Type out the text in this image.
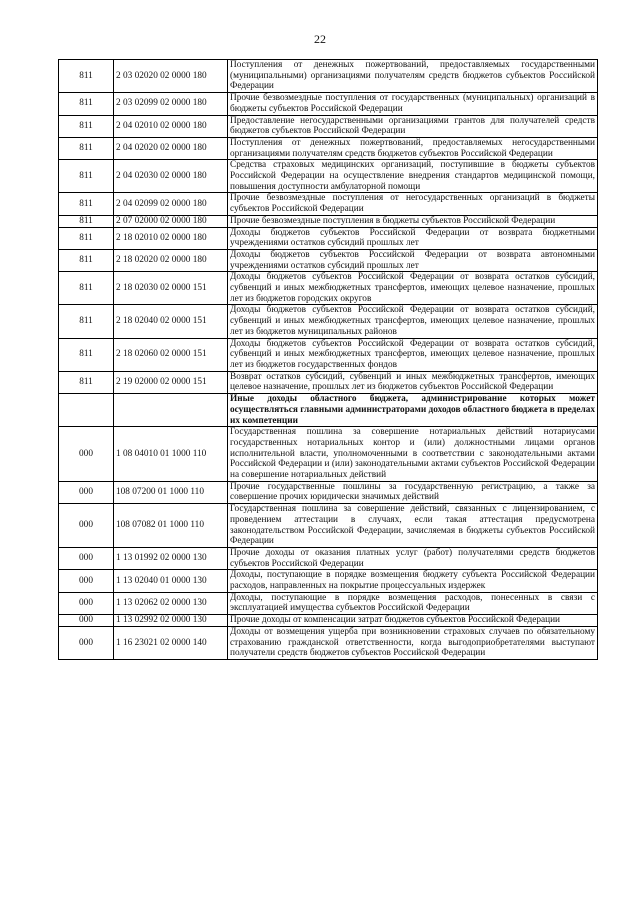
22
811	2 03 02020 02 0000 180	Поступления от денежных пожертвований, предоставляемых государственными (муниципальными) организациями получателям средств бюджетов субъектов Российской Федерации
811	2 03 02099 02 0000 180	Прочие безвозмездные поступления от государственных (муниципальных) организаций в бюджеты субъектов Российской Федерации
811	2 04 02010 02 0000 180	Предоставление негосударственными организациями грантов для получателей средств бюджетов субъектов Российской Федерации
811	2 04 02020 02 0000 180	Поступления от денежных пожертвований, предоставляемых негосударственными организациями получателям средств бюджетов субъектов Российской Федерации
811	2 04 02030 02 0000 180	Средства страховых медицинских организаций, поступившие в бюджеты субъектов Российской Федерации на осуществление внедрения стандартов медицинской помощи, повышения доступности амбулаторной помощи
811	2 04 02099 02 0000 180	Прочие безвозмездные поступления от негосударственных организаций в бюджеты субъектов Российской Федерации
811	2 07 02000 02 0000 180	Прочие безвозмездные поступления в бюджеты субъектов Российской Федерации
811	2 18 02010 02 0000 180	Доходы бюджетов субъектов Российской Федерации от возврата бюджетными учреждениями остатков субсидий прошлых лет
811	2 18 02020 02 0000 180	Доходы бюджетов субъектов Российской Федерации от возврата автономными учреждениями остатков субсидий прошлых лет
811	2 18 02030 02 0000 151	Доходы бюджетов субъектов Российской Федерации от возврата остатков субсидий, субвенций и иных межбюджетных трансфертов, имеющих целевое назначение, прошлых лет из бюджетов городских округов
811	2 18 02040 02 0000 151	Доходы бюджетов субъектов Российской Федерации от возврата остатков субсидий, субвенций и иных межбюджетных трансфертов, имеющих целевое назначение, прошлых лет из бюджетов муниципальных районов
811	2 18 02060 02 0000 151	Доходы бюджетов субъектов Российской Федерации от возврата остатков субсидий, субвенций и иных межбюджетных трансфертов, имеющих целевое назначение, прошлых лет из бюджетов государственных фондов
811	2 19 02000 02 0000 151	Возврат остатков субсидий, субвенций и иных межбюджетных трансфертов, имеющих целевое назначение, прошлых лет из бюджетов субъектов Российской Федерации
		Иные доходы областного бюджета, администрирование которых может осуществляться главными администраторами доходов областного бюджета в пределах их компетенции
000	1 08 04010 01 1000 110	Государственная пошлина за совершение нотариальных действий нотариусами государственных нотариальных контор и (или) должностными лицами органов исполнительной власти, уполномоченными в соответствии с законодательными актами Российской Федерации и (или) законодательными актами субъектов Российской Федерации на совершение нотариальных действий
000	108 07200 01 1000 110	Прочие государственные пошлины за государственную регистрацию, а также за совершение прочих юридически значимых действий
000	108 07082 01 1000 110	Государственная пошлина за совершение действий, связанных с лицензированием, с проведением аттестации в случаях, если такая аттестация предусмотрена законодательством Российской Федерации, зачисляемая в бюджеты субъектов Российской Федерации
000	1 13 01992 02 0000 130	Прочие доходы от оказания платных услуг (работ) получателями средств бюджетов субъектов Российской Федерации
000	1 13 02040 01 0000 130	Доходы, поступающие в порядке возмещения бюджету субъекта Российской Федерации расходов, направленных на покрытие процессуальных издержек
000	1 13 02062 02 0000 130	Доходы, поступающие в порядке возмещения расходов, понесенных в связи с эксплуатацией имущества субъектов Российской Федерации
000	1 13 02992 02 0000 130	Прочие доходы от компенсации затрат бюджетов субъектов Российской Федерации
000	1 16 23021 02 0000 140	Доходы от возмещения ущерба при возникновении страховых случаев по обязательному страхованию гражданской ответственности, когда выгодоприобретателями выступают получатели средств бюджетов субъектов Российской Федерации
